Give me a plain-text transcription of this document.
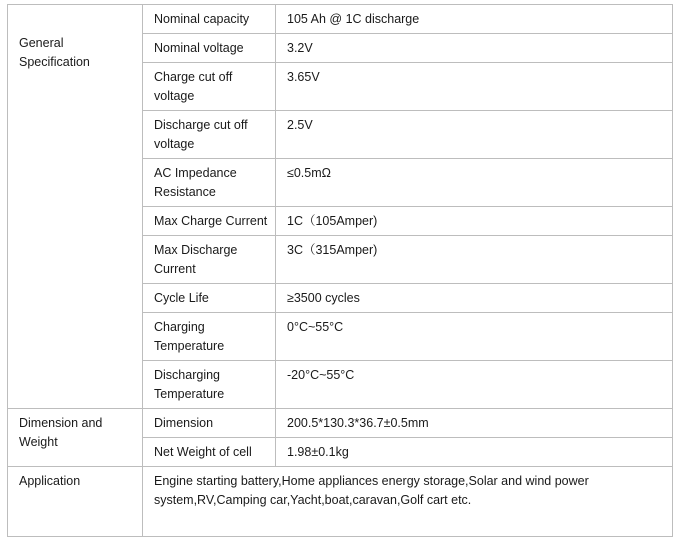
General Specification	Nominal capacity	105 Ah @ 1C discharge
	Nominal voltage	3.2V
	Charge cut off voltage	3.65V
	Discharge cut off voltage	2.5V
	AC Impedance Resistance	≤0.5mΩ
	Max Charge Current	1C（105Amper)
	Max Discharge Current	3C（315Amper)
	Cycle Life	≥3500 cycles
	Charging Temperature	0°C~55°C
	Discharging Temperature	-20°C~55°C
Dimension and Weight	Dimension	200.5*130.3*36.7±0.5mm
	Net Weight of cell	1.98±0.1kg
Application	Engine starting battery,Home appliances energy storage,Solar and wind power system,RV,Camping car,Yacht,boat,caravan,Golf cart etc.	
